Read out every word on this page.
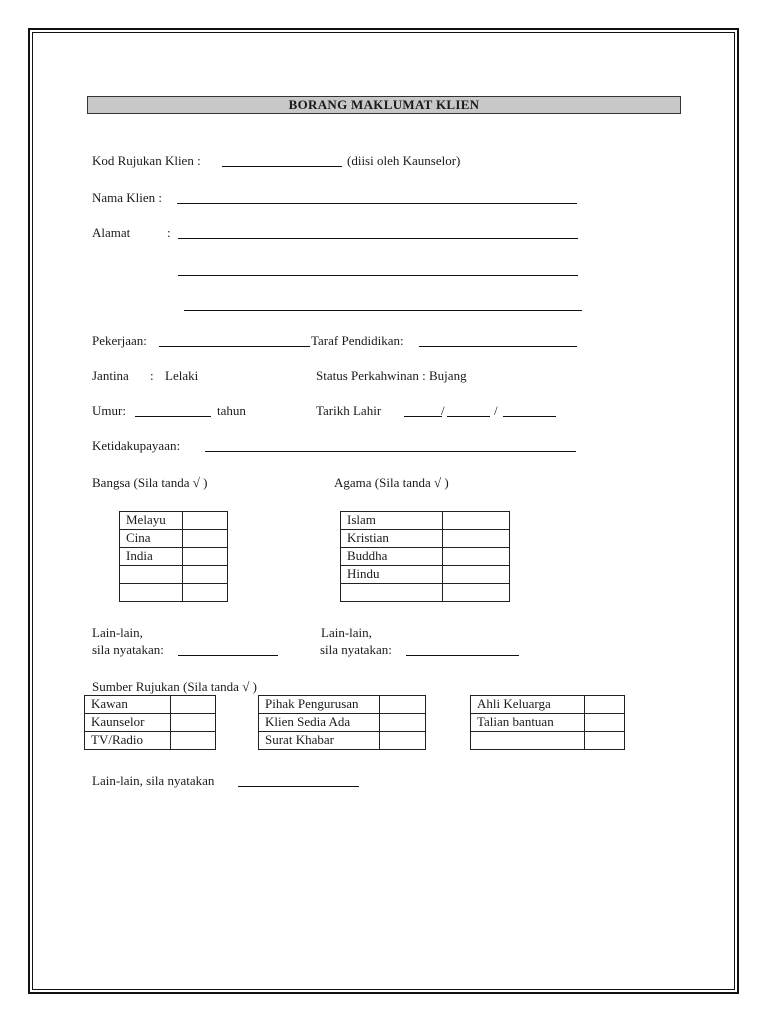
BORANG MAKLUMAT KLIEN
Kod Rujukan Klien :	(diisi oleh Kaunselor)
Nama Klien :
Alamat	:
Pekerjaan:	Taraf Pendidikan:
Jantina : Lelaki	Status Perkahwinan : Bujang
Umur:	tahun	Tarikh Lahir	/	/
Ketidakupayaan:
Bangsa (Sila tanda √ )	Agama (Sila tanda √ )
Melayu	
Cina	
India	

Islam	
Kristian	
Buddha	
Hindu	

Lain-lain,
sila nyatakan:
Lain-lain,
sila nyatakan:
Sumber Rujukan (Sila tanda √ )
Kawan	
Kaunselor	
TV/Radio	
Pihak Pengurusan	
Klien Sedia Ada	
Surat Khabar	
Ahli Keluarga	
Talian bantuan	

Lain-lain, sila nyatakan
